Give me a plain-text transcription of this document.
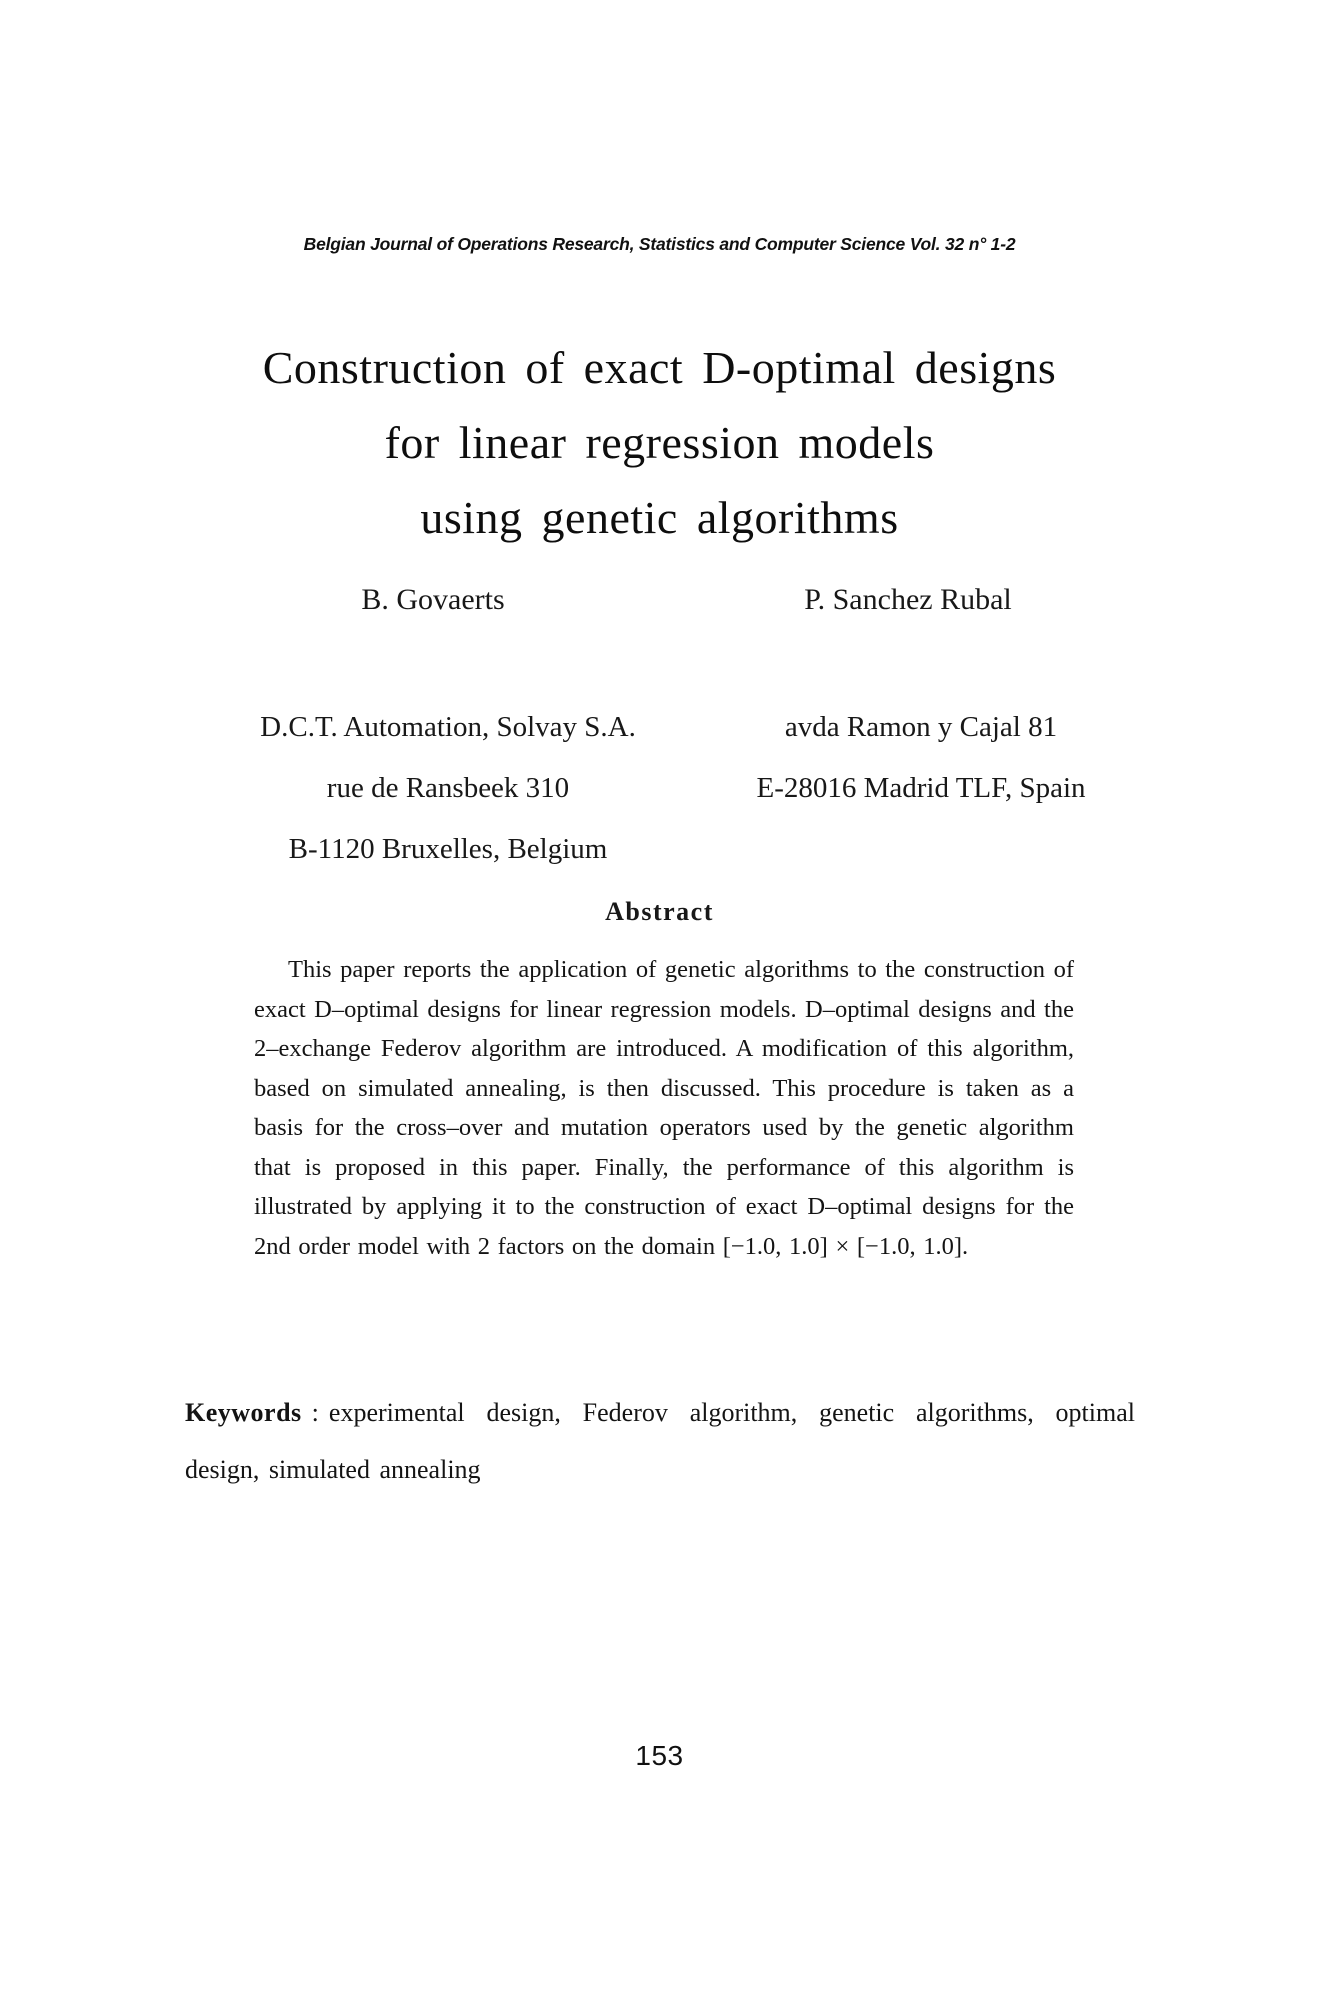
Belgian Journal of Operations Research, Statistics and Computer Science Vol. 32 n° 1-2
Construction of exact D-optimal designs
for linear regression models
using genetic algorithms
B. Govaerts	P. Sanchez Rubal
D.C.T. Automation, Solvay S.A.
rue de Ransbeek 310
B-1120 Bruxelles, Belgium
avda Ramon y Cajal 81
E-28016 Madrid TLF, Spain
Abstract

This paper reports the application of genetic algorithms to the construction of exact D–optimal designs for linear regression models. D–optimal designs and the 2–exchange Federov algorithm are introduced. A modification of this algorithm, based on simulated annealing, is then discussed. This procedure is taken as a basis for the cross–over and mutation operators used by the genetic algorithm that is proposed in this paper. Finally, the performance of this algorithm is illustrated by applying it to the construction of exact D–optimal designs for the 2nd order model with 2 factors on the domain [−1.0, 1.0] × [−1.0, 1.0].

Keywords : experimental design, Federov algorithm, genetic algorithms, optimal design, simulated annealing

153
